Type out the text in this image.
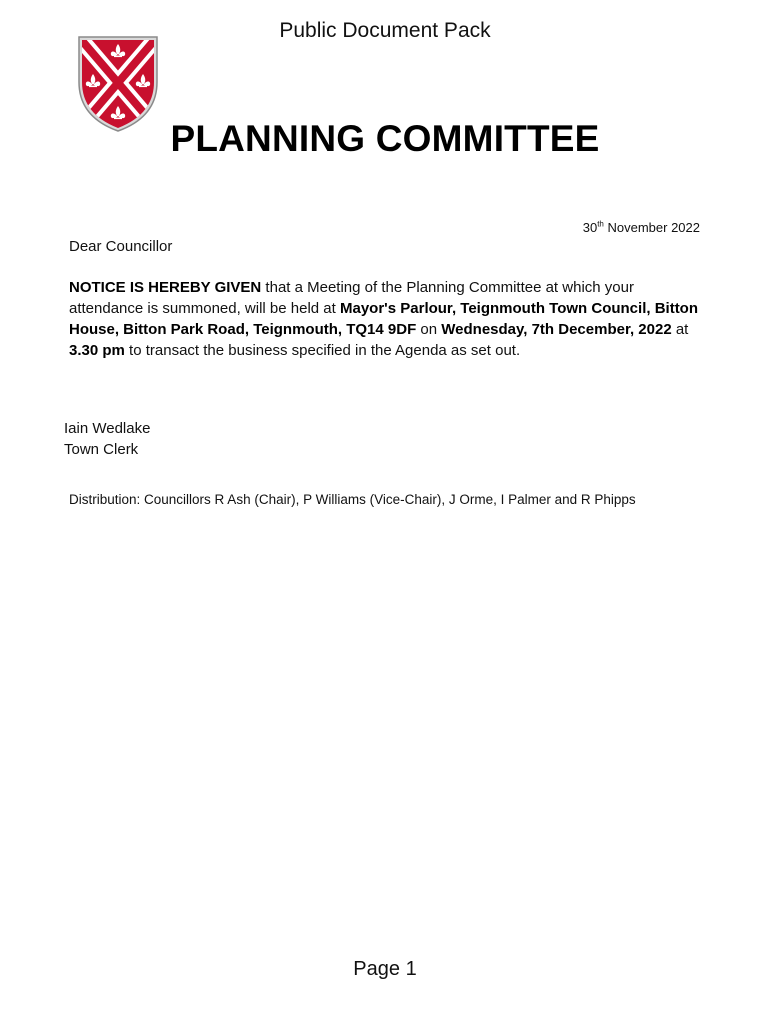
Public Document Pack
PLANNING COMMITTEE
30th November 2022
Dear Councillor
NOTICE IS HEREBY GIVEN that a Meeting of the Planning Committee at which your attendance is summoned, will be held at Mayor's Parlour, Teignmouth Town Council, Bitton House, Bitton Park Road, Teignmouth, TQ14 9DF on Wednesday, 7th December, 2022 at 3.30 pm to transact the business specified in the Agenda as set out.
Iain Wedlake
Town Clerk
Distribution: Councillors R Ash (Chair), P Williams (Vice-Chair), J Orme, I Palmer and R Phipps
Page 1
